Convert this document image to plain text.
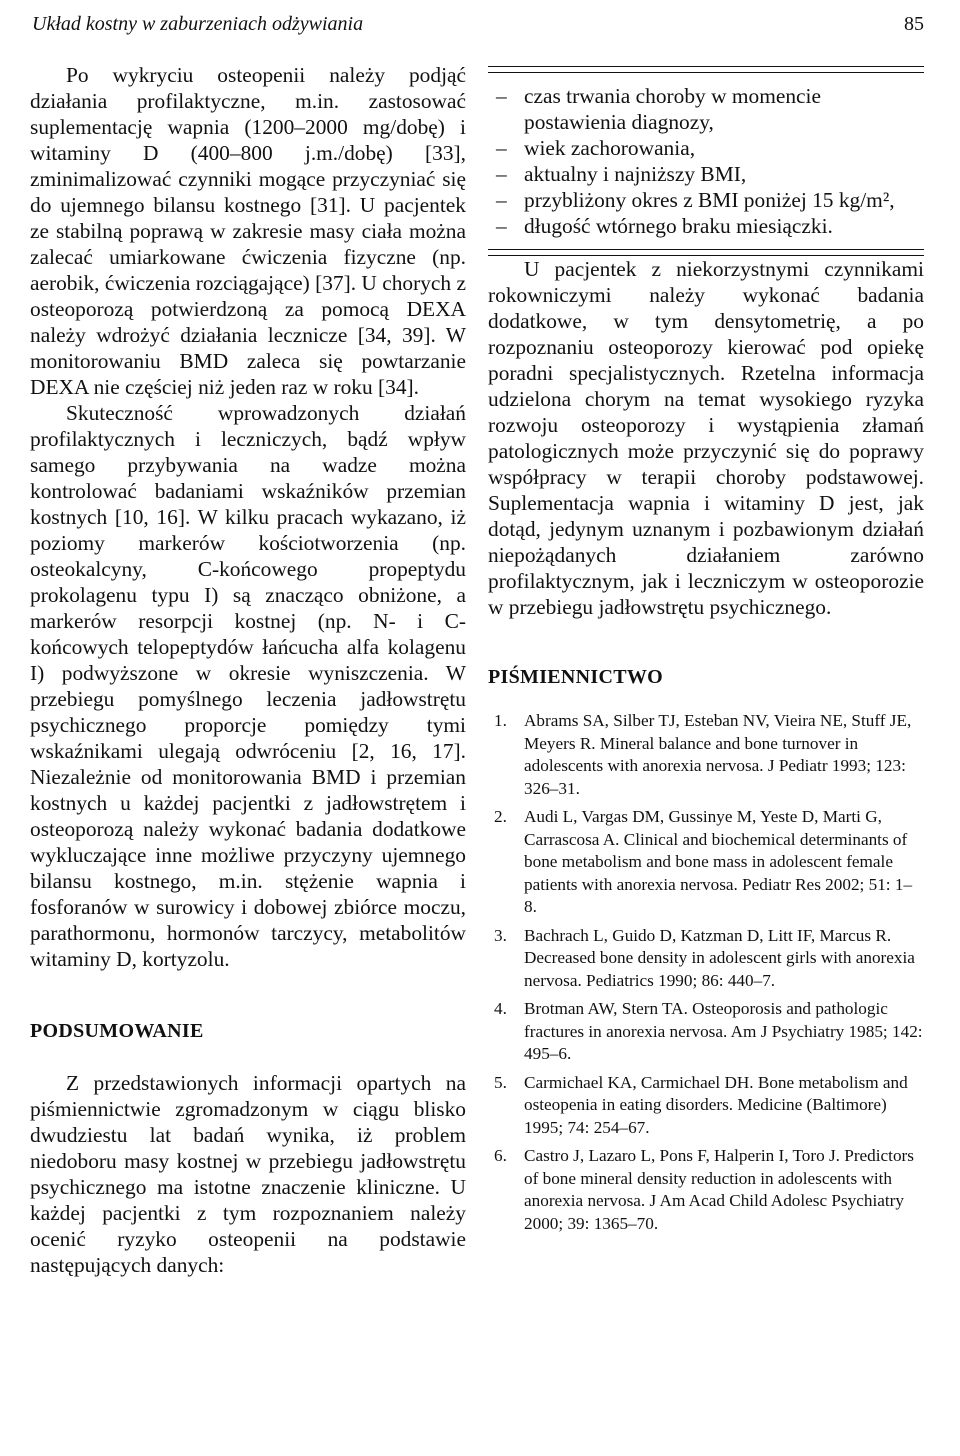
Układ kostny w zaburzeniach odżywiania	85

Po wykryciu osteopenii należy podjąć działania profilaktyczne, m.in. zastosować suplementację wapnia (1200–2000 mg/dobę) i witaminy D (400–800 j.m./dobę) [33], zminimalizować czynniki mogące przyczyniać się do ujemnego bilansu kostnego [31]. U pacjentek ze stabilną poprawą w zakresie masy ciała można zalecać umiarkowane ćwiczenia fizyczne (np. aerobik, ćwiczenia rozciągające) [37]. U chorych z osteoporozą potwierdzoną za pomocą DEXA należy wdrożyć działania lecznicze [34, 39]. W monitorowaniu BMD zaleca się powtarzanie DEXA nie częściej niż jeden raz w roku [34].

Skuteczność wprowadzonych działań profilaktycznych i leczniczych, bądź wpływ samego przybywania na wadze można kontrolować badaniami wskaźników przemian kostnych [10, 16]. W kilku pracach wykazano, iż poziomy markerów kościotworzenia (np. osteokalcyny, C-końcowego propeptydu prokolagenu typu I) są znacząco obniżone, a markerów resorpcji kostnej (np. N- i C-końcowych telopeptydów łańcucha alfa kolagenu I) podwyższone w okresie wyniszczenia. W przebiegu pomyślnego leczenia jadłowstrętu psychicznego proporcje pomiędzy tymi wskaźnikami ulegają odwróceniu [2, 16, 17]. Niezależnie od monitorowania BMD i przemian kostnych u każdej pacjentki z jadłowstrętem i osteoporozą należy wykonać badania dodatkowe wykluczające inne możliwe przyczyny ujemnego bilansu kostnego, m.in. stężenie wapnia i fosforanów w surowicy i dobowej zbiórce moczu, parathormonu, hormonów tarczycy, metabolitów witaminy D, kortyzolu.

PODSUMOWANIE

Z przedstawionych informacji opartych na piśmiennictwie zgromadzonym w ciągu blisko dwudziestu lat badań wynika, iż problem niedoboru masy kostnej w przebiegu jadłowstrętu psychicznego ma istotne znaczenie kliniczne. U każdej pacjentki z tym rozpoznaniem należy ocenić ryzyko osteopenii na podstawie następujących danych:

– czas trwania choroby w momencie postawienia diagnozy,
– wiek zachorowania,
– aktualny i najniższy BMI,
– przybliżony okres z BMI poniżej 15 kg/m²,
– długość wtórnego braku miesiączki.

U pacjentek z niekorzystnymi czynnikami rokowniczymi należy wykonać badania dodatkowe, w tym densytometrię, a po rozpoznaniu osteoporozy kierować pod opiekę poradni specjalistycznych. Rzetelna informacja udzielona chorym na temat wysokiego ryzyka rozwoju osteoporozy i wystąpienia złamań patologicznych może przyczynić się do poprawy współpracy w terapii choroby podstawowej. Suplementacja wapnia i witaminy D jest, jak dotąd, jedynym uznanym i pozbawionym działań niepożądanych działaniem zarówno profilaktycznym, jak i leczniczym w osteoporozie w przebiegu jadłowstrętu psychicznego.

PIŚMIENNICTWO
1. Abrams SA, Silber TJ, Esteban NV, Vieira NE, Stuff JE, Meyers R. Mineral balance and bone turnover in adolescents with anorexia nervosa. J Pediatr 1993; 123: 326–31.
2. Audi L, Vargas DM, Gussinye M, Yeste D, Marti G, Carrascosa A. Clinical and biochemical determinants of bone metabolism and bone mass in adolescent female patients with anorexia nervosa. Pediatr Res 2002; 51: 1–8.
3. Bachrach L, Guido D, Katzman D, Litt IF, Marcus R. Decreased bone density in adolescent girls with anorexia nervosa. Pediatrics 1990; 86: 440–7.
4. Brotman AW, Stern TA. Osteoporosis and pathologic fractures in anorexia nervosa. Am J Psychiatry 1985; 142: 495–6.
5. Carmichael KA, Carmichael DH. Bone metabolism and osteopenia in eating disorders. Medicine (Baltimore) 1995; 74: 254–67.
6. Castro J, Lazaro L, Pons F, Halperin I, Toro J. Predictors of bone mineral density reduction in adolescents with anorexia nervosa. J Am Acad Child Adolesc Psychiatry 2000; 39: 1365–70.
